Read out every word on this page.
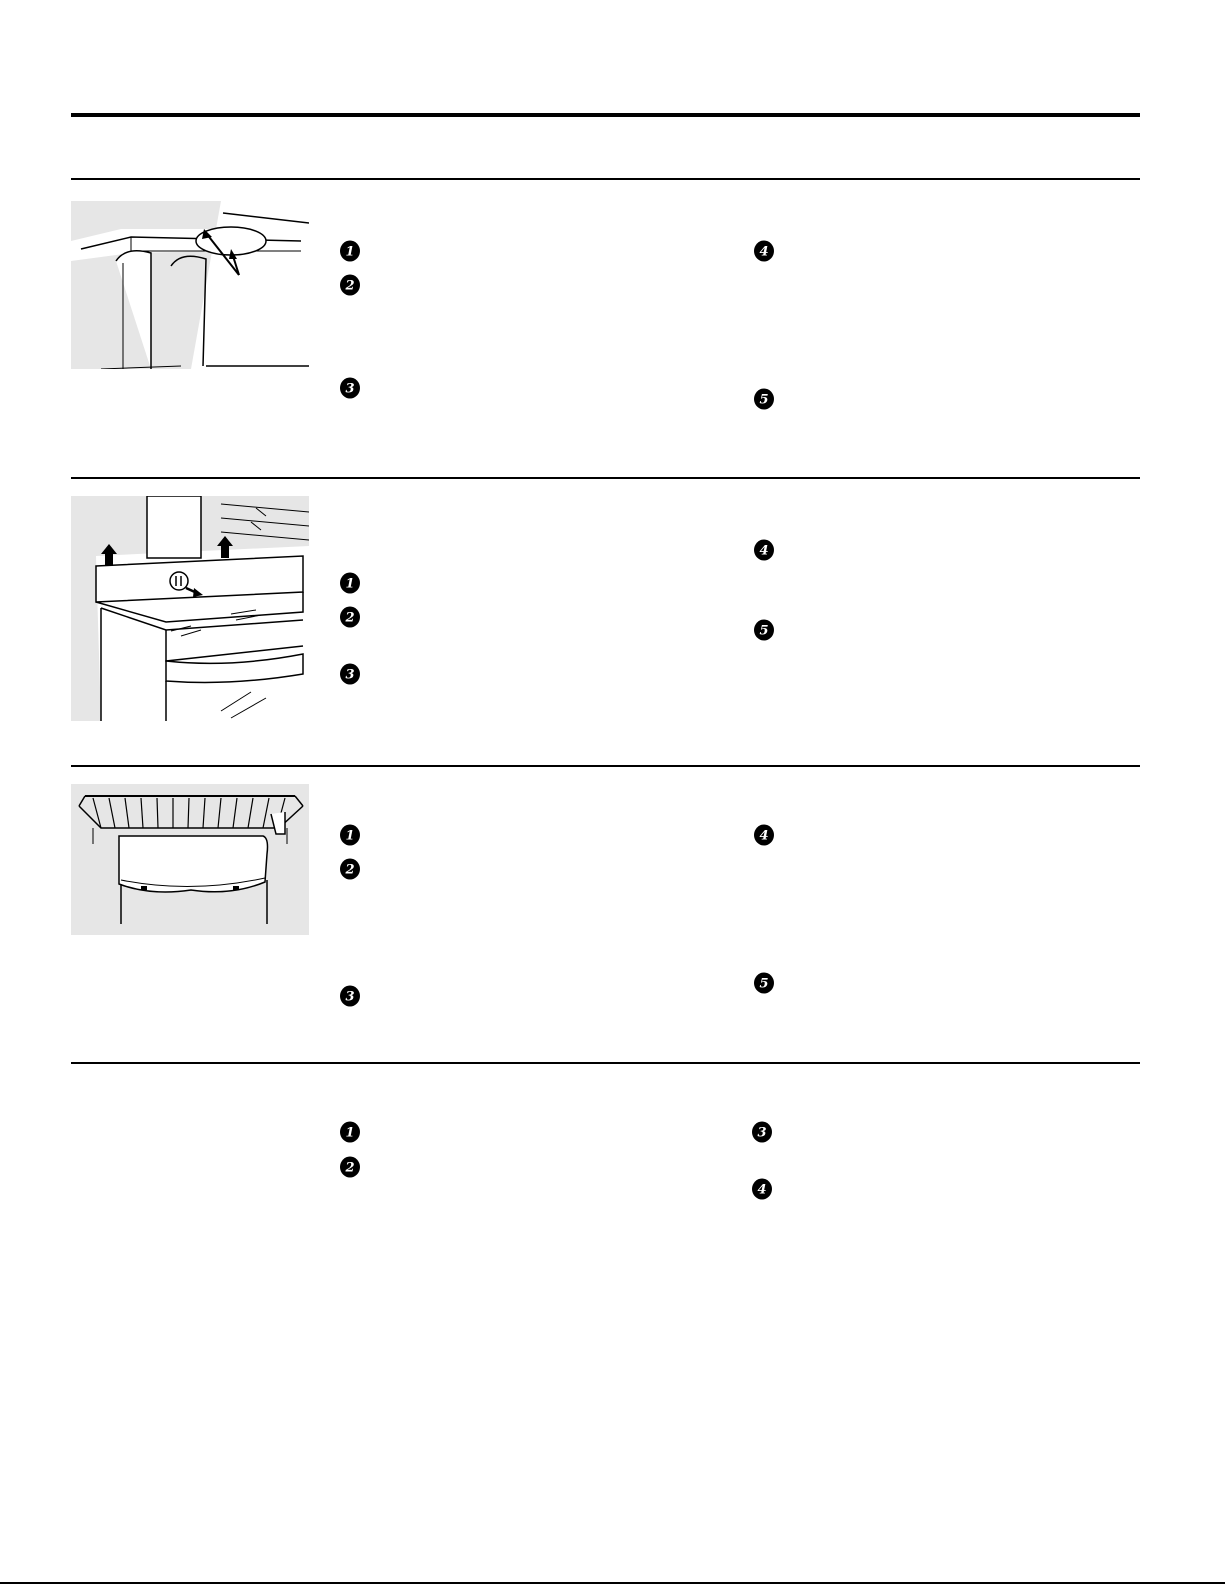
1
2
3
4
5
1
2
3
4
5
1
2
3
4
5
1
2
3
4
